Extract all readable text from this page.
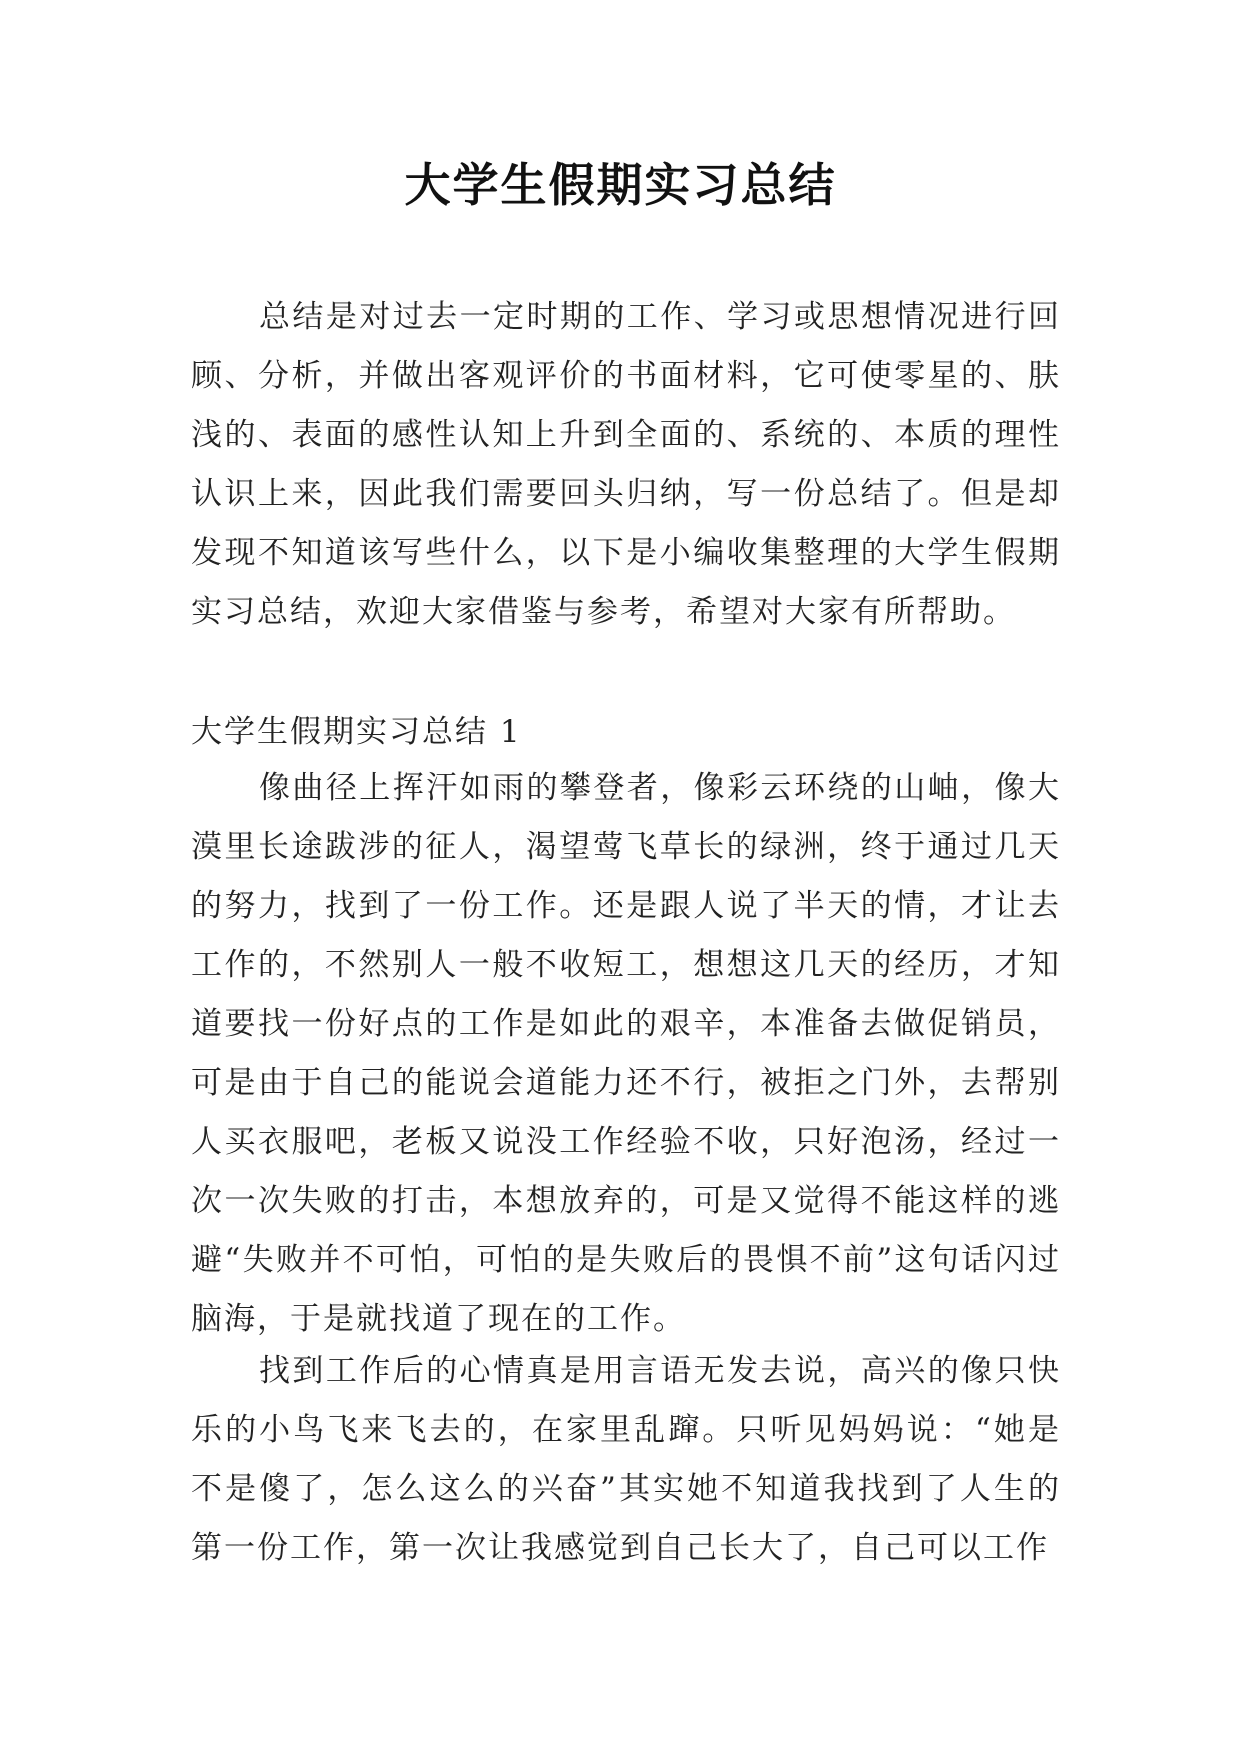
大学生假期实习总结

总结是对过去一定时期的工作、学习或思想情况进行回顾、分析，并做出客观评价的书面材料，它可使零星的、肤浅的、表面的感性认知上升到全面的、系统的、本质的理性认识上来，因此我们需要回头归纳，写一份总结了。但是却发现不知道该写些什么，以下是小编收集整理的大学生假期实习总结，欢迎大家借鉴与参考，希望对大家有所帮助。

大学生假期实习总结 1

像曲径上挥汗如雨的攀登者，像彩云环绕的山岫，像大漠里长途跋涉的征人，渴望莺飞草长的绿洲，终于通过几天的努力，找到了一份工作。还是跟人说了半天的情，才让去工作的，不然别人一般不收短工，想想这几天的经历，才知道要找一份好点的工作是如此的艰辛，本准备去做促销员，可是由于自己的能说会道能力还不行，被拒之门外，去帮别人买衣服吧，老板又说没工作经验不收，只好泡汤，经过一次一次失败的打击，本想放弃的，可是又觉得不能这样的逃避“失败并不可怕，可怕的是失败后的畏惧不前”这句话闪过脑海，于是就找道了现在的工作。

找到工作后的心情真是用言语无发去说，高兴的像只快乐的小鸟飞来飞去的，在家里乱蹿。只听见妈妈说：“她是不是傻了，怎么这么的兴奋”其实她不知道我找到了人生的第一份工作，第一次让我感觉到自己长大了，自己可以工作
